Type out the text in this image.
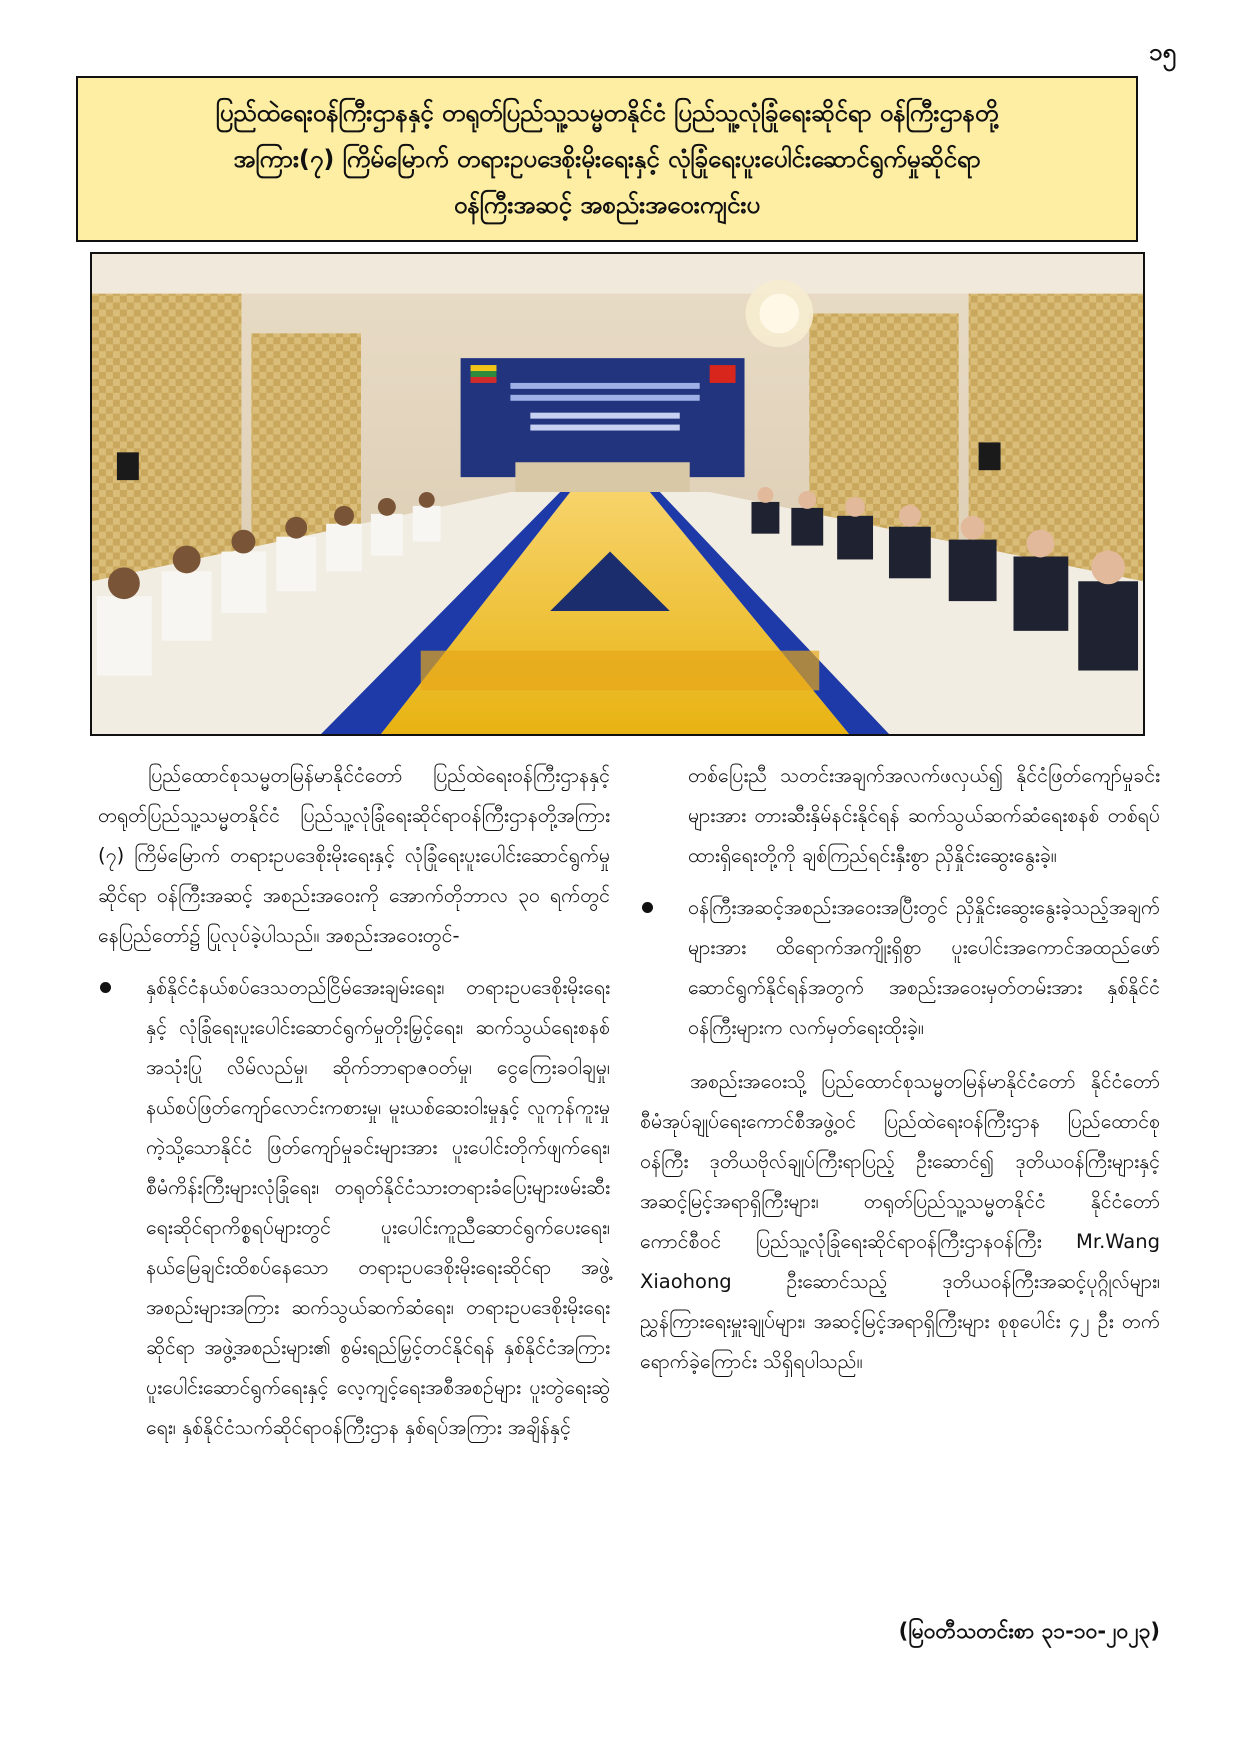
၁၅
ပြည်ထဲရေးဝန်ကြီးဌာနနှင့် တရုတ်ပြည်သူ့သမ္မတနိုင်ငံ ပြည်သူ့လုံခြုံရေးဆိုင်ရာ ဝန်ကြီးဌာနတို့
အကြား(၇) ကြိမ်မြောက် တရားဥပဒေစိုးမိုးရေးနှင့် လုံခြုံရေးပူးပေါင်းဆောင်ရွက်မှုဆိုင်ရာ
ဝန်ကြီးအဆင့် အစည်းအဝေးကျင်းပ

ပြည်ထောင်စုသမ္မတမြန်မာနိုင်ငံတော် ပြည်ထဲရေးဝန်ကြီးဌာနနှင့် တရုတ်ပြည်သူ့သမ္မတနိုင်ငံ ပြည်သူ့လုံခြုံရေးဆိုင်ရာဝန်ကြီးဌာနတို့အကြား (၇) ကြိမ်မြောက် တရားဥပဒေစိုးမိုးရေးနှင့် လုံခြုံရေးပူးပေါင်းဆောင်ရွက်မှုဆိုင်ရာ ဝန်ကြီးအဆင့် အစည်းအဝေးကို အောက်တိုဘာလ ၃၀ ရက်တွင် နေပြည်တော်၌ ပြုလုပ်ခဲ့ပါသည်။ အစည်းအဝေးတွင်-

နှစ်နိုင်ငံနယ်စပ်ဒေသတည်ငြိမ်အေးချမ်းရေး၊ တရားဥပဒေစိုးမိုးရေးနှင့် လုံခြုံရေးပူးပေါင်းဆောင်ရွက်မှုတိုးမြှင့်ရေး၊ ဆက်သွယ်ရေးစနစ်အသုံးပြု လိမ်လည်မှု၊ ဆိုက်ဘာရာဇဝတ်မှု၊ ငွေကြေးခဝါချမှု၊ နယ်စပ်ဖြတ်ကျော်လောင်းကစားမှု၊ မူးယစ်ဆေးဝါးမှုနှင့် လူကုန်ကူးမှုကဲ့သို့သောနိုင်ငံ ဖြတ်ကျော်မှုခင်းများအား ပူးပေါင်းတိုက်ဖျက်ရေး၊ စီမံကိန်းကြီးများလုံခြုံရေး၊ တရုတ်နိုင်ငံသားတရားခံပြေးများဖမ်းဆီးရေးဆိုင်ရာကိစ္စရပ်များတွင် ပူးပေါင်းကူညီဆောင်ရွက်ပေးရေး၊ နယ်မြေချင်းထိစပ်နေသော တရားဥပဒေစိုးမိုးရေးဆိုင်ရာ အဖွဲ့အစည်းများအကြား ဆက်သွယ်ဆက်ဆံရေး၊ တရားဥပဒေစိုးမိုးရေးဆိုင်ရာ အဖွဲ့အစည်းများ၏ စွမ်းရည်မြှင့်တင်နိုင်ရန် နှစ်နိုင်ငံအကြား ပူးပေါင်းဆောင်ရွက်ရေးနှင့် လေ့ကျင့်ရေးအစီအစဉ်များ ပူးတွဲရေးဆွဲရေး၊ နှစ်နိုင်ငံသက်ဆိုင်ရာဝန်ကြီးဌာန နှစ်ရပ်အကြား အချိန်နှင့်

တစ်ပြေးညီ သတင်းအချက်အလက်ဖလှယ်၍ နိုင်ငံဖြတ်ကျော်မှုခင်းများအား တားဆီးနှိမ်နင်းနိုင်ရန် ဆက်သွယ်ဆက်ဆံရေးစနစ် တစ်ရပ်ထားရှိရေးတို့ကို ချစ်ကြည်ရင်းနှီးစွာ ညှိနှိုင်းဆွေးနွေးခဲ့။

ဝန်ကြီးအဆင့်အစည်းအဝေးအပြီးတွင် ညှိနှိုင်းဆွေးနွေးခဲ့သည့်အချက်များအား ထိရောက်အကျိုးရှိစွာ ပူးပေါင်းအကောင်အထည်ဖော်ဆောင်ရွက်နိုင်ရန်အတွက် အစည်းအဝေးမှတ်တမ်းအား နှစ်နိုင်ငံဝန်ကြီးများက လက်မှတ်ရေးထိုးခဲ့။

အစည်းအဝေးသို့ ပြည်ထောင်စုသမ္မတမြန်မာနိုင်ငံတော် နိုင်ငံတော်စီမံအုပ်ချုပ်ရေးကောင်စီအဖွဲ့ဝင် ပြည်ထဲရေးဝန်ကြီးဌာန ပြည်ထောင်စုဝန်ကြီး ဒုတိယဗိုလ်ချုပ်ကြီးရာပြည့် ဦးဆောင်၍ ဒုတိယဝန်ကြီးများနှင့် အဆင့်မြင့်အရာရှိကြီးများ၊ တရုတ်ပြည်သူ့သမ္မတနိုင်ငံ နိုင်ငံတော်ကောင်စီဝင် ပြည်သူ့လုံခြုံရေးဆိုင်ရာဝန်ကြီးဌာနဝန်ကြီး Mr.Wang Xiaohong ဦးဆောင်သည့် ဒုတိယဝန်ကြီးအဆင့်ပုဂ္ဂိုလ်များ၊ ညွှန်ကြားရေးမှူးချုပ်များ၊ အဆင့်မြင့်အရာရှိကြီးများ စုစုပေါင်း ၄၂ ဦး တက်ရောက်ခဲ့ကြောင်း သိရှိရပါသည်။

(မြဝတီသတင်းစာ ၃၁-၁၀-၂၀၂၃)
